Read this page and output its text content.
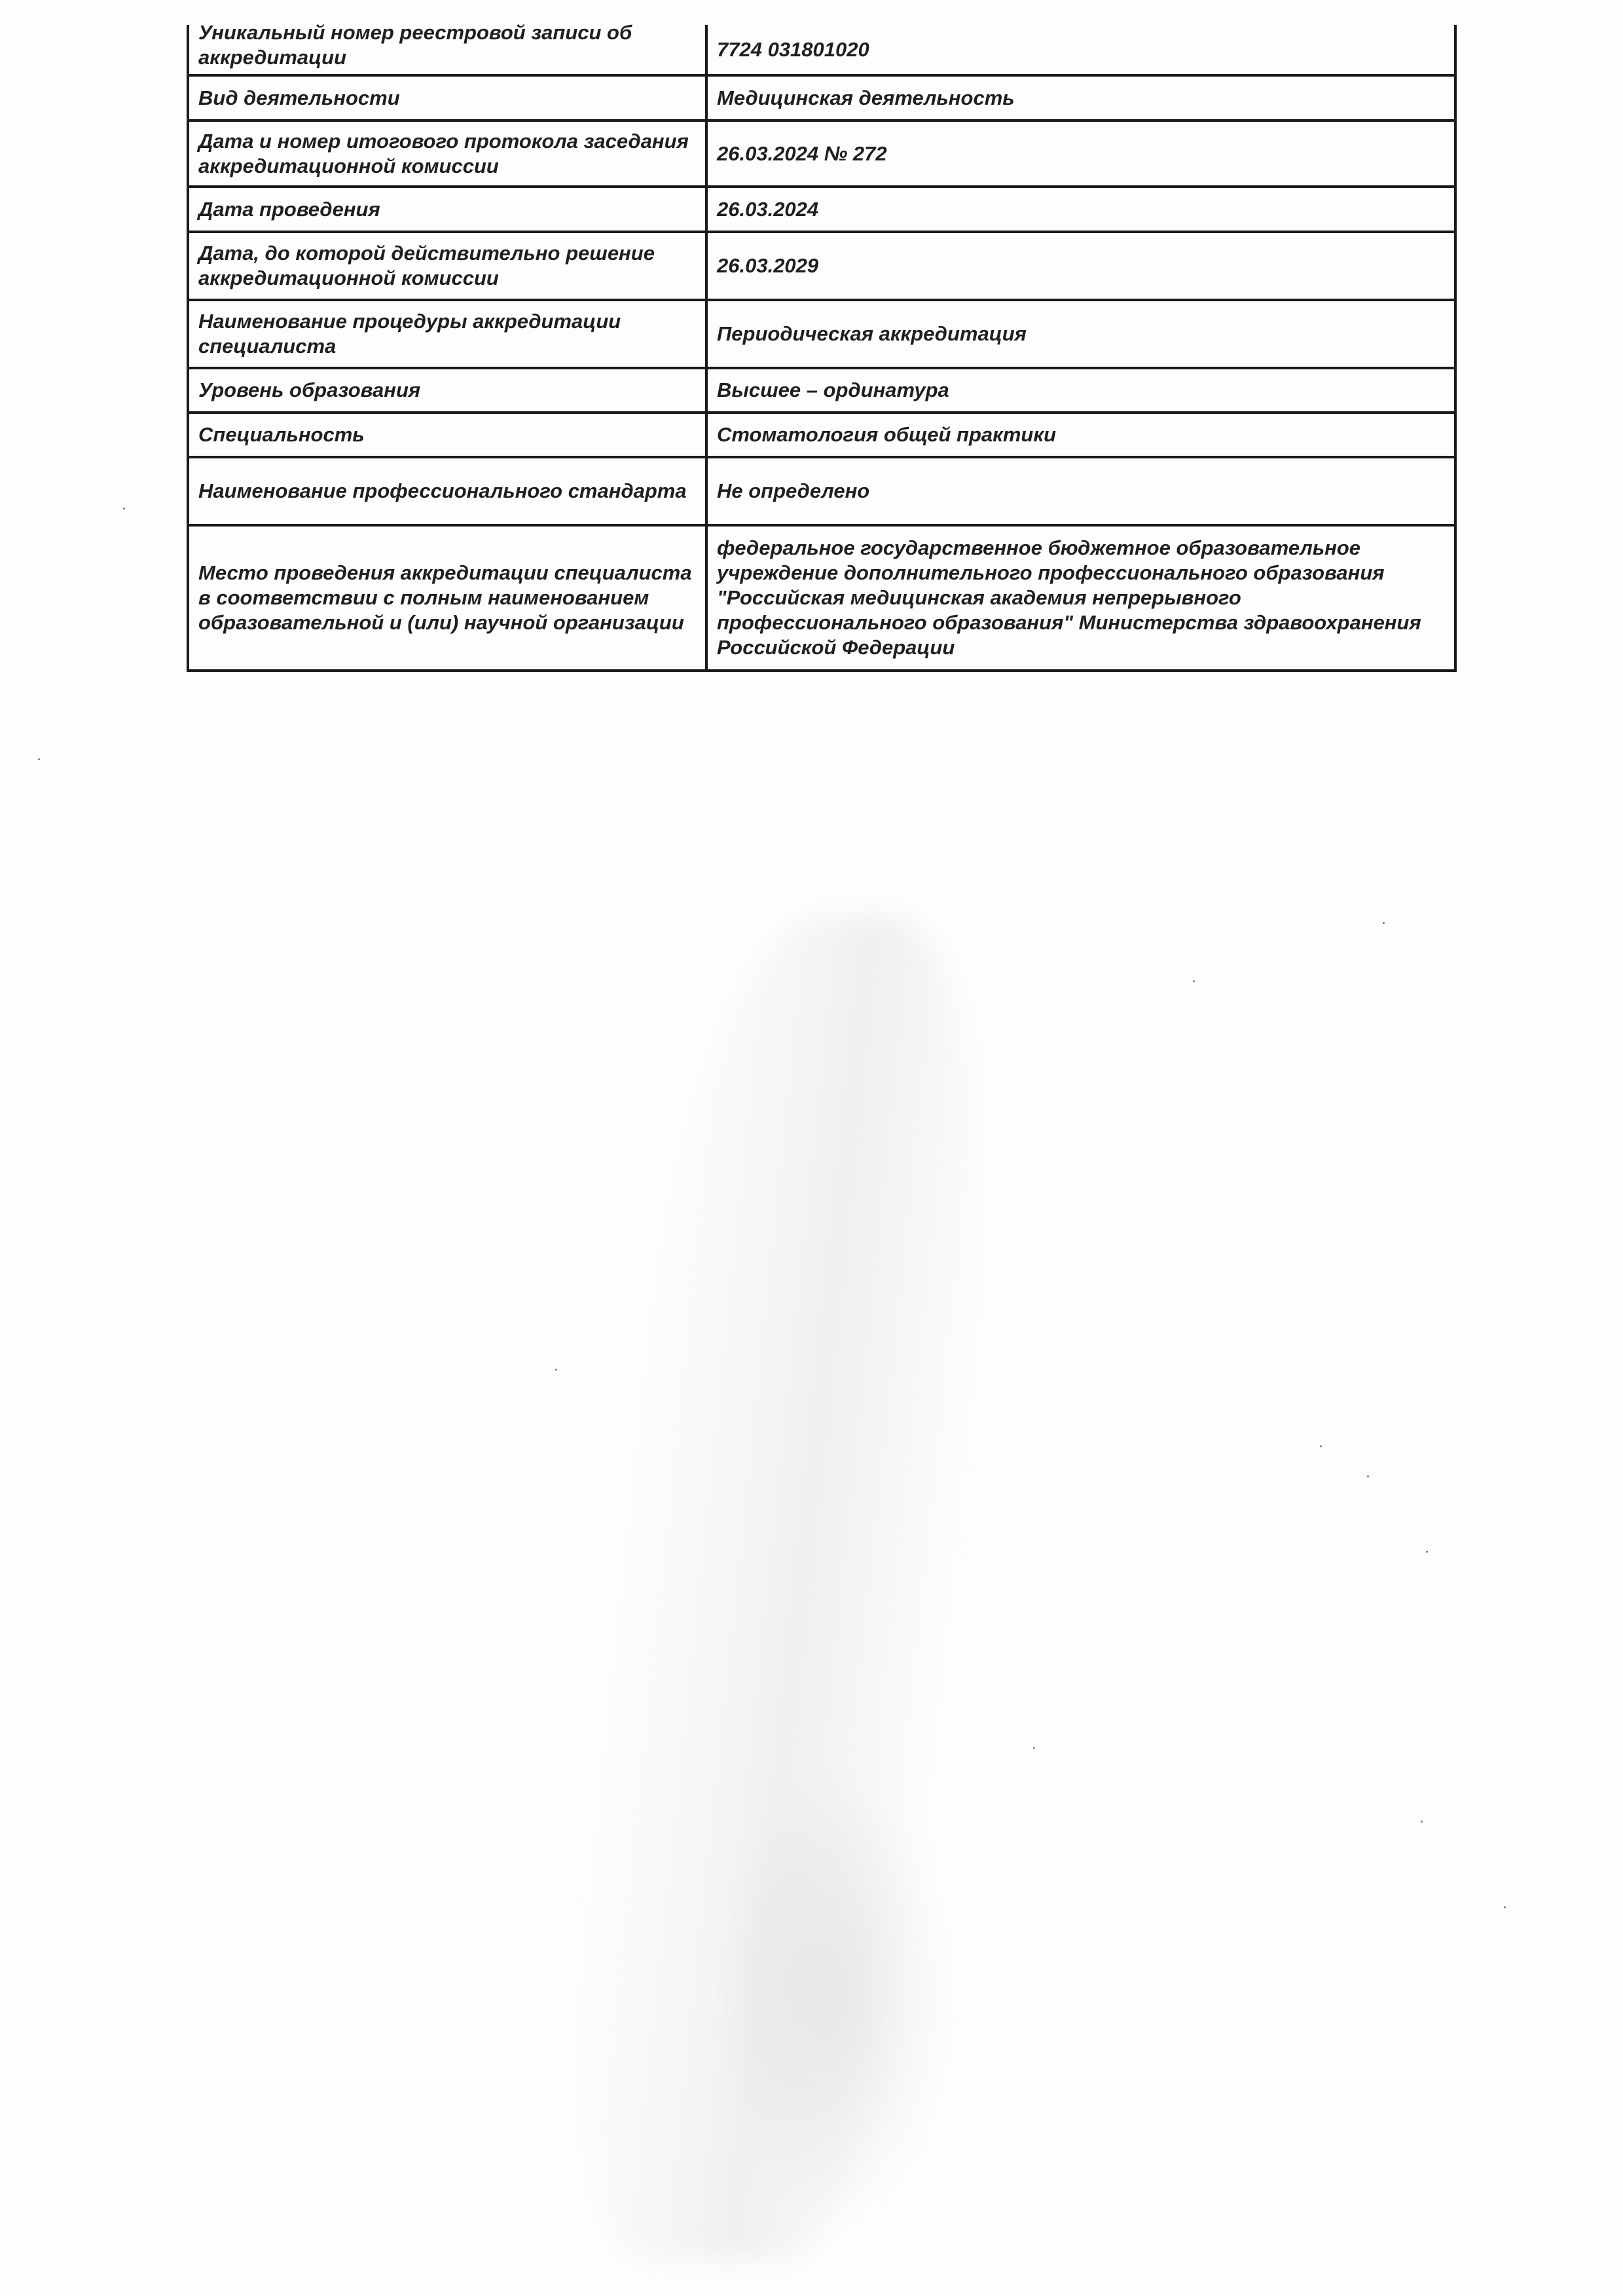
Уникальный номер реестровой записи об аккредитации	7724 031801020
Вид деятельности	Медицинская деятельность
Дата и номер итогового протокола заседания аккредитационной комиссии	26.03.2024 № 272
Дата проведения	26.03.2024
Дата, до которой действительно решение аккредитационной комиссии	26.03.2029
Наименование процедуры аккредитации специалиста	Периодическая аккредитация
Уровень образования	Высшее – ординатура
Специальность	Стоматология общей практики
Наименование профессионального стандарта	Не определено
Место проведения аккредитации специалиста в соответствии с полным наименованием образовательной и (или) научной организации	федеральное государственное бюджетное образовательное учреждение дополнительного профессионального образования "Российская медицинская академия непрерывного профессионального образования" Министерства здравоохранения Российской Федерации
